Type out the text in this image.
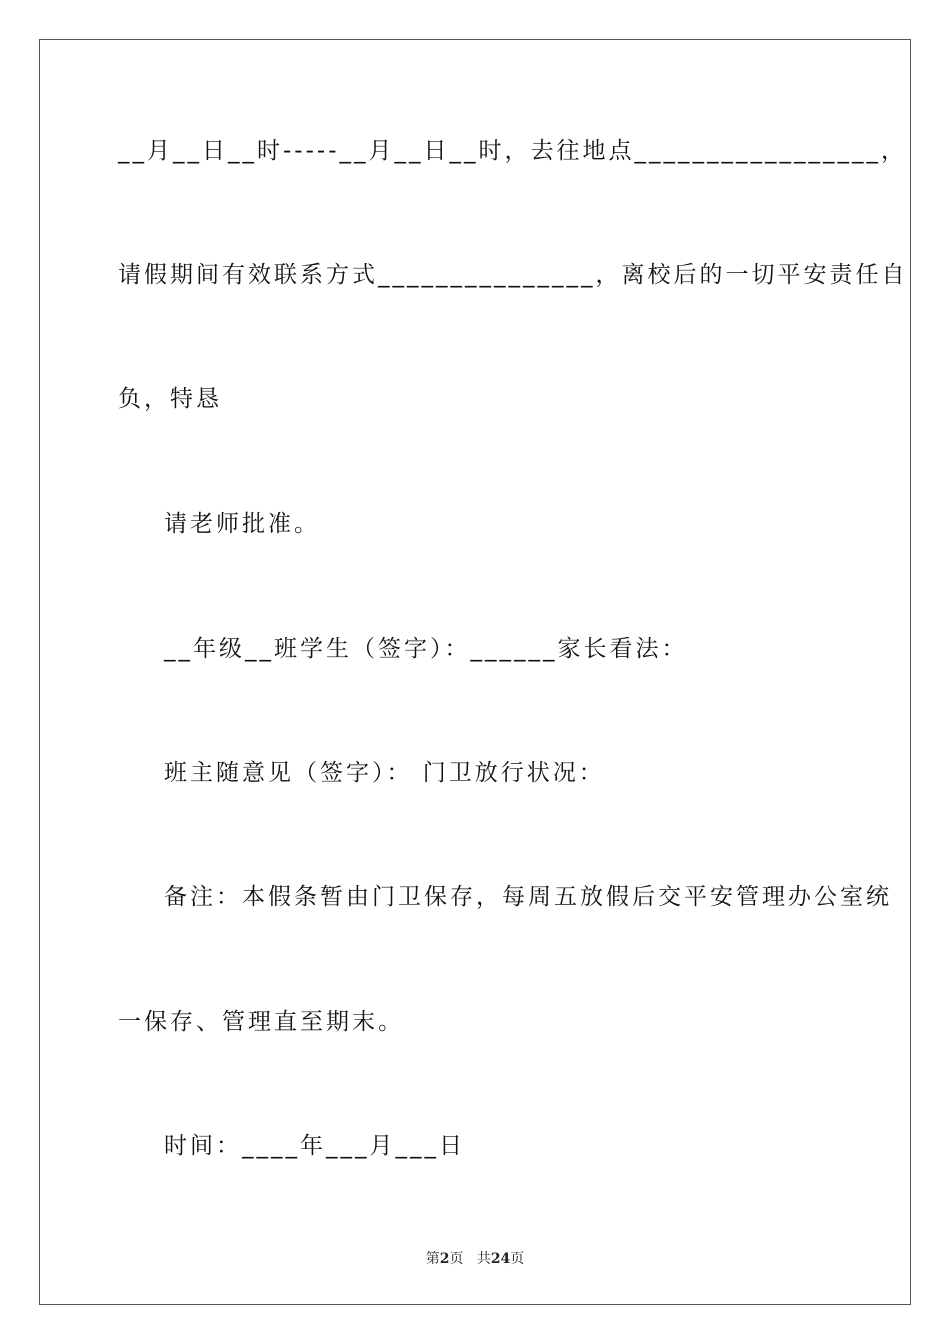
__月__日__时-----__月__日__时，去往地点_________________，
请假期间有效联系方式_______________，离校后的一切平安责任自
负，特恳
请老师批准。
__年级__班学生（签字）：______家长看法：
班主随意见（签字）： 门卫放行状况：
备注：本假条暂由门卫保存，每周五放假后交平安管理办公室统
一保存、管理直至期末。
时间：____年___月___日
第2页 共24页
